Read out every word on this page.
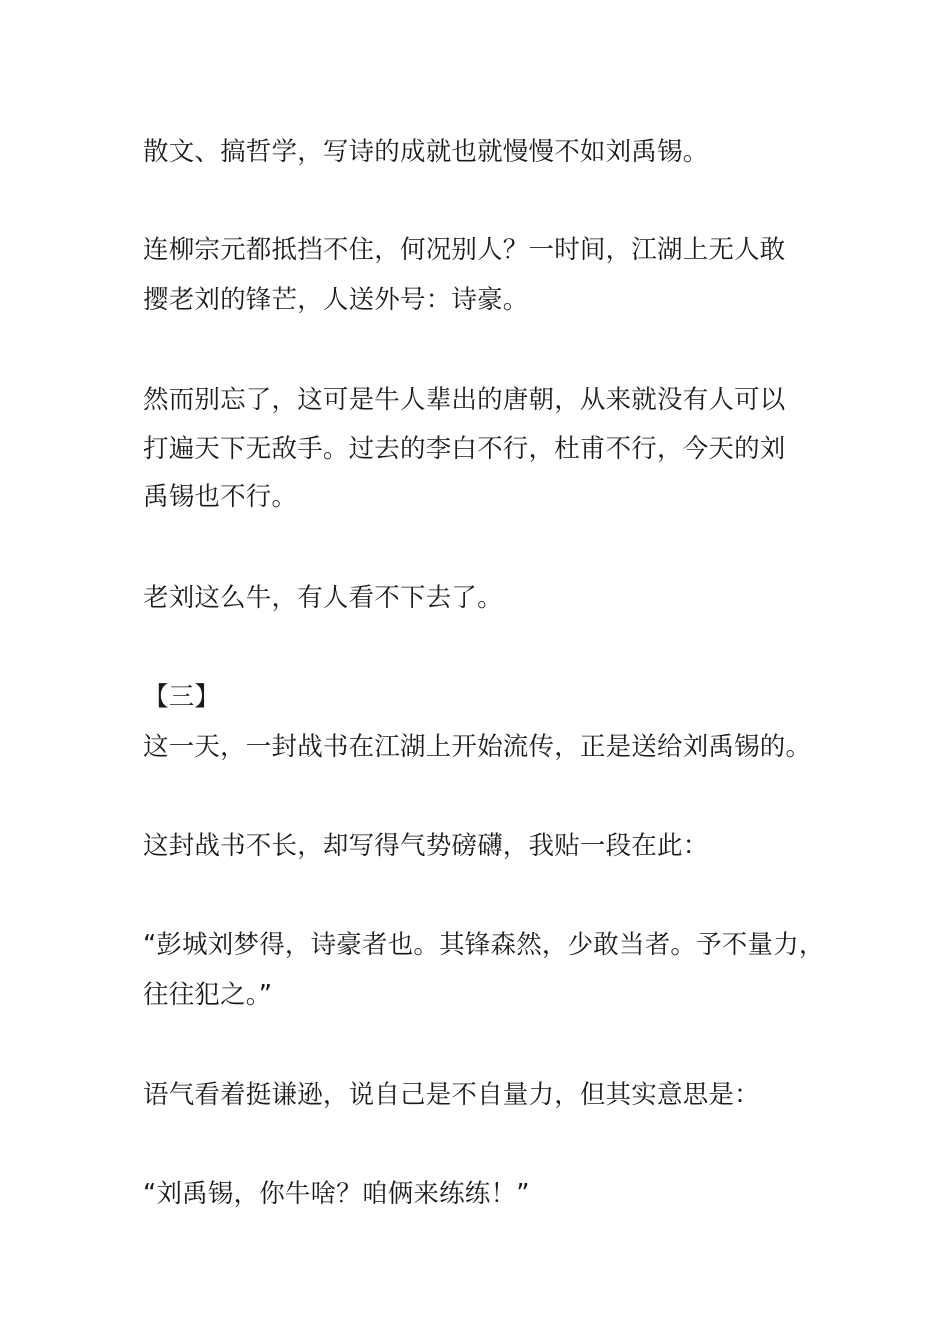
散文、搞哲学，写诗的成就也就慢慢不如刘禹锡。
连柳宗元都抵挡不住，何况别人？一时间，江湖上无人敢
撄老刘的锋芒，人送外号：诗豪。
然而别忘了，这可是牛人辈出的唐朝，从来就没有人可以
打遍天下无敌手。过去的李白不行，杜甫不行，今天的刘
禹锡也不行。
老刘这么牛，有人看不下去了。
【三】
这一天，一封战书在江湖上开始流传，正是送给刘禹锡的。
这封战书不长，却写得气势磅礴，我贴一段在此：
“彭城刘梦得，诗豪者也。其锋森然，少敢当者。予不量力，
往往犯之。”
语气看着挺谦逊，说自己是不自量力，但其实意思是：
“刘禹锡，你牛啥？咱俩来练练！”
